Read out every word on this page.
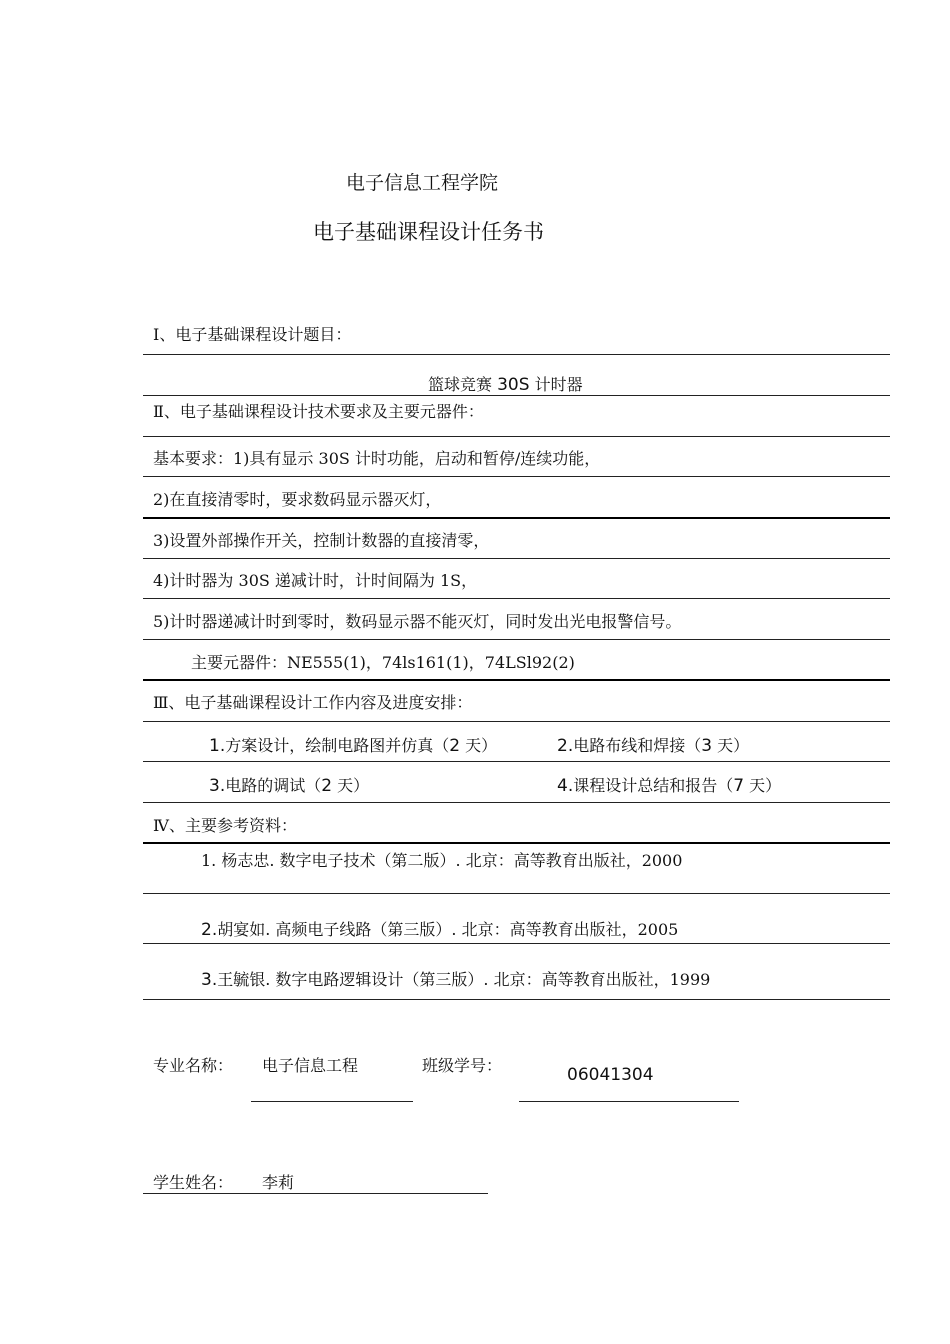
电子信息工程学院
电子基础课程设计任务书
Ⅰ、电子基础课程设计题目：
篮球竞赛 30S 计时器
Ⅱ、电子基础课程设计技术要求及主要元器件：
基本要求：1)具有显示 30S 计时功能，启动和暂停/连续功能，
2)在直接清零时，要求数码显示器灭灯，
3)设置外部操作开关，控制计数器的直接清零，
4)计时器为 30S 递减计时，计时间隔为 1S，
5)计时器递减计时到零时，数码显示器不能灭灯，同时发出光电报警信号。
主要元器件：NE555(1)，74ls161(1)，74LSl92(2)
Ⅲ、电子基础课程设计工作内容及进度安排：
1.方案设计，绘制电路图并仿真（2 天）	2.电路布线和焊接（3 天）
3.电路的调试（2 天）	4.课程设计总结和报告（7 天）
Ⅳ、主要参考资料：
1. 杨志忠. 数字电子技术（第二版）. 北京：高等教育出版社，2000
2.胡宴如. 高频电子线路（第三版）. 北京：高等教育出版社，2005
3.王毓银. 数字电路逻辑设计（第三版）. 北京：高等教育出版社，1999
专业名称： 电子信息工程	班级学号：	06041304
学生姓名： 李莉
